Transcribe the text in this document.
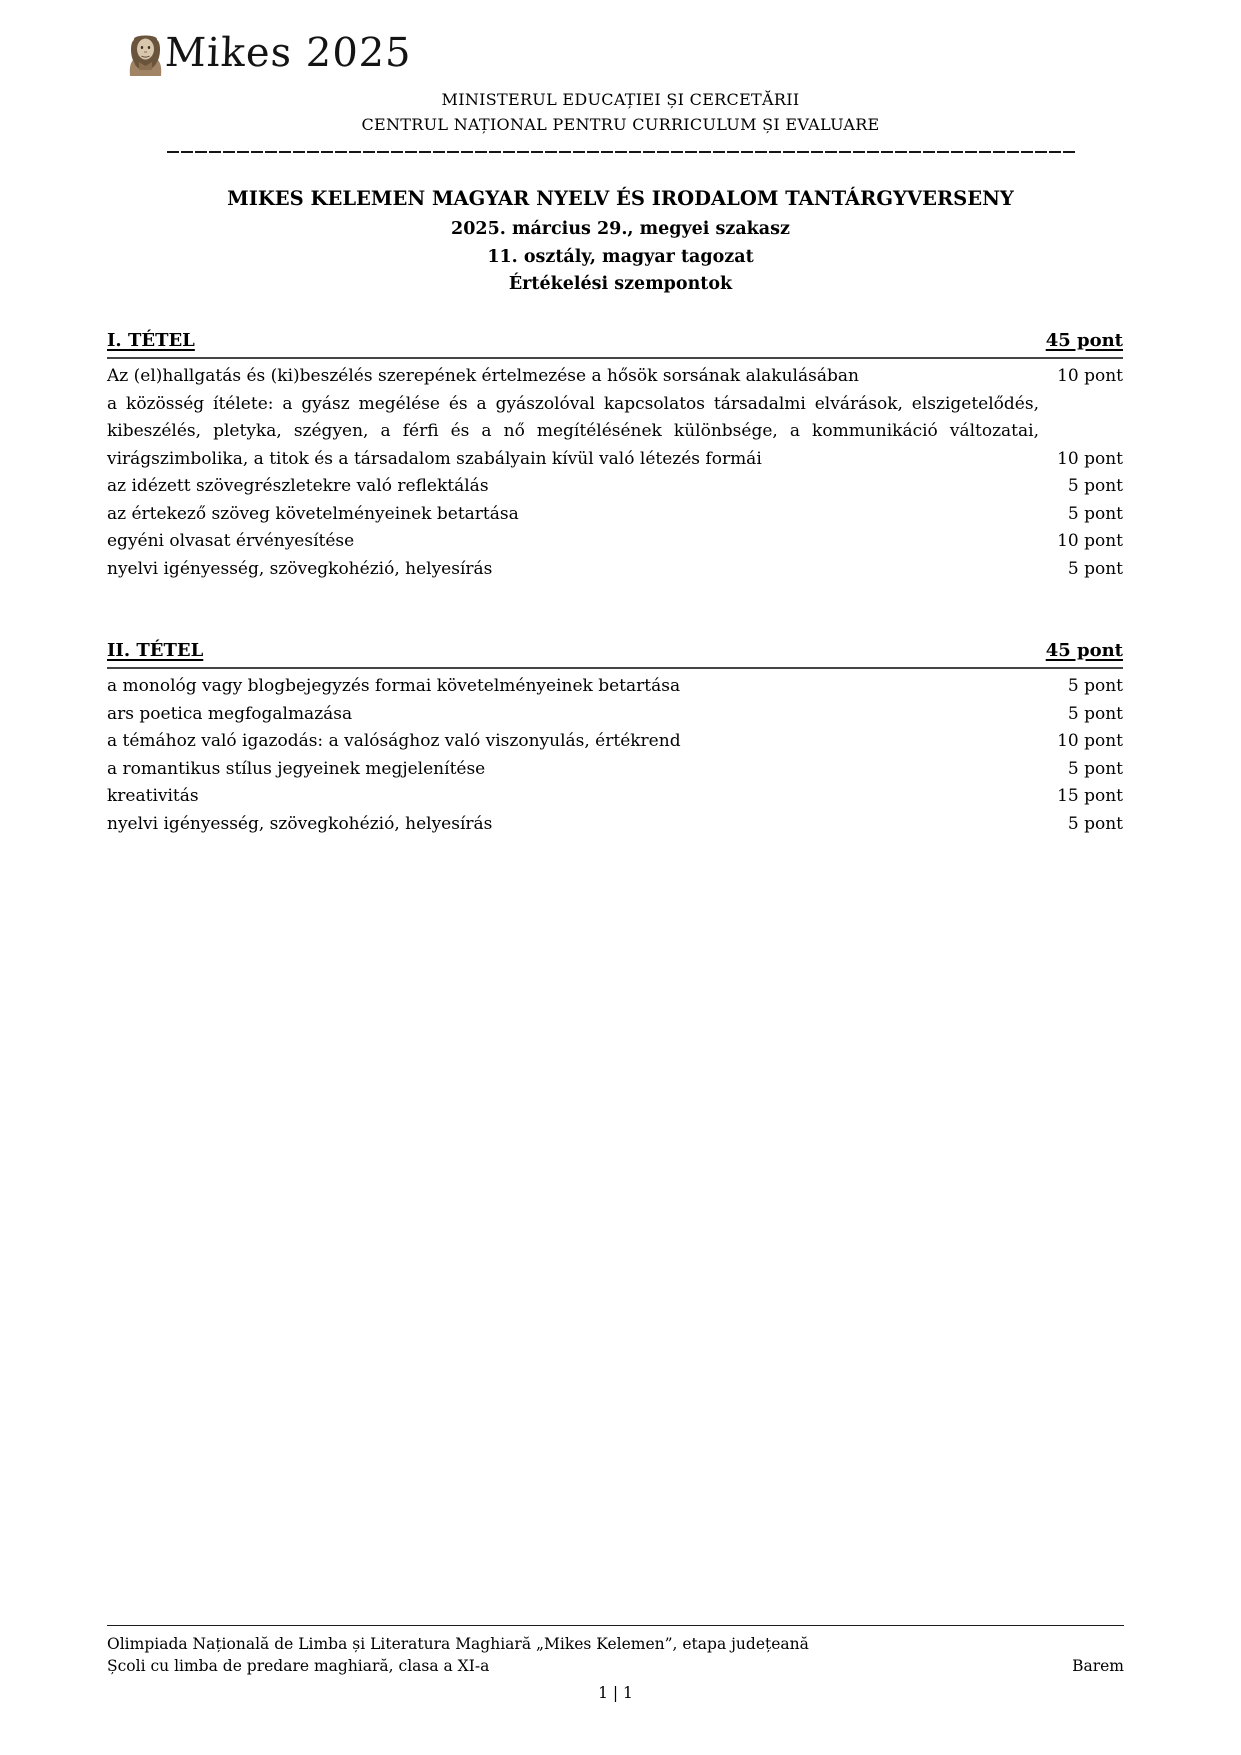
Mikes 2025
MINISTERUL EDUCAȚIEI ȘI CERCETĂRII
CENTRUL NAȚIONAL PENTRU CURRICULUM ȘI EVALUARE
MIKES KELEMEN MAGYAR NYELV ÉS IRODALOM TANTÁRGYVERSENY
2025. március 29., megyei szakasz
11. osztály, magyar tagozat
Értékelési szempontok
I. TÉTEL	45 pont
Az (el)hallgatás és (ki)beszélés szerepének értelmezése a hősök sorsának alakulásában	10 pont
a közösség ítélete: a gyász megélése és a gyászolóval kapcsolatos társadalmi elvárások, elszigetelődés, kibeszélés, pletyka, szégyen, a férfi és a nő megítélésének különbsége, a kommunikáció változatai, virágszimbolika, a titok és a társadalom szabályain kívül való létezés formái	10 pont
az idézett szövegrészletekre való reflektálás	5 pont
az értekező szöveg követelményeinek betartása	5 pont
egyéni olvasat érvényesítése	10 pont
nyelvi igényesség, szövegkohézió, helyesírás	5 pont
II. TÉTEL	45 pont
a monológ vagy blogbejegyzés formai követelményeinek betartása	5 pont
ars poetica megfogalmazása	5 pont
a témához való igazodás: a valósághoz való viszonyulás, értékrend	10 pont
a romantikus stílus jegyeinek megjelenítése	5 pont
kreativitás	15 pont
nyelvi igényesség, szövegkohézió, helyesírás	5 pont
Olimpiada Națională de Limba și Literatura Maghiară „Mikes Kelemen”, etapa județeană
Școli cu limba de predare maghiară, clasa a XI-a	Barem
1 | 1
